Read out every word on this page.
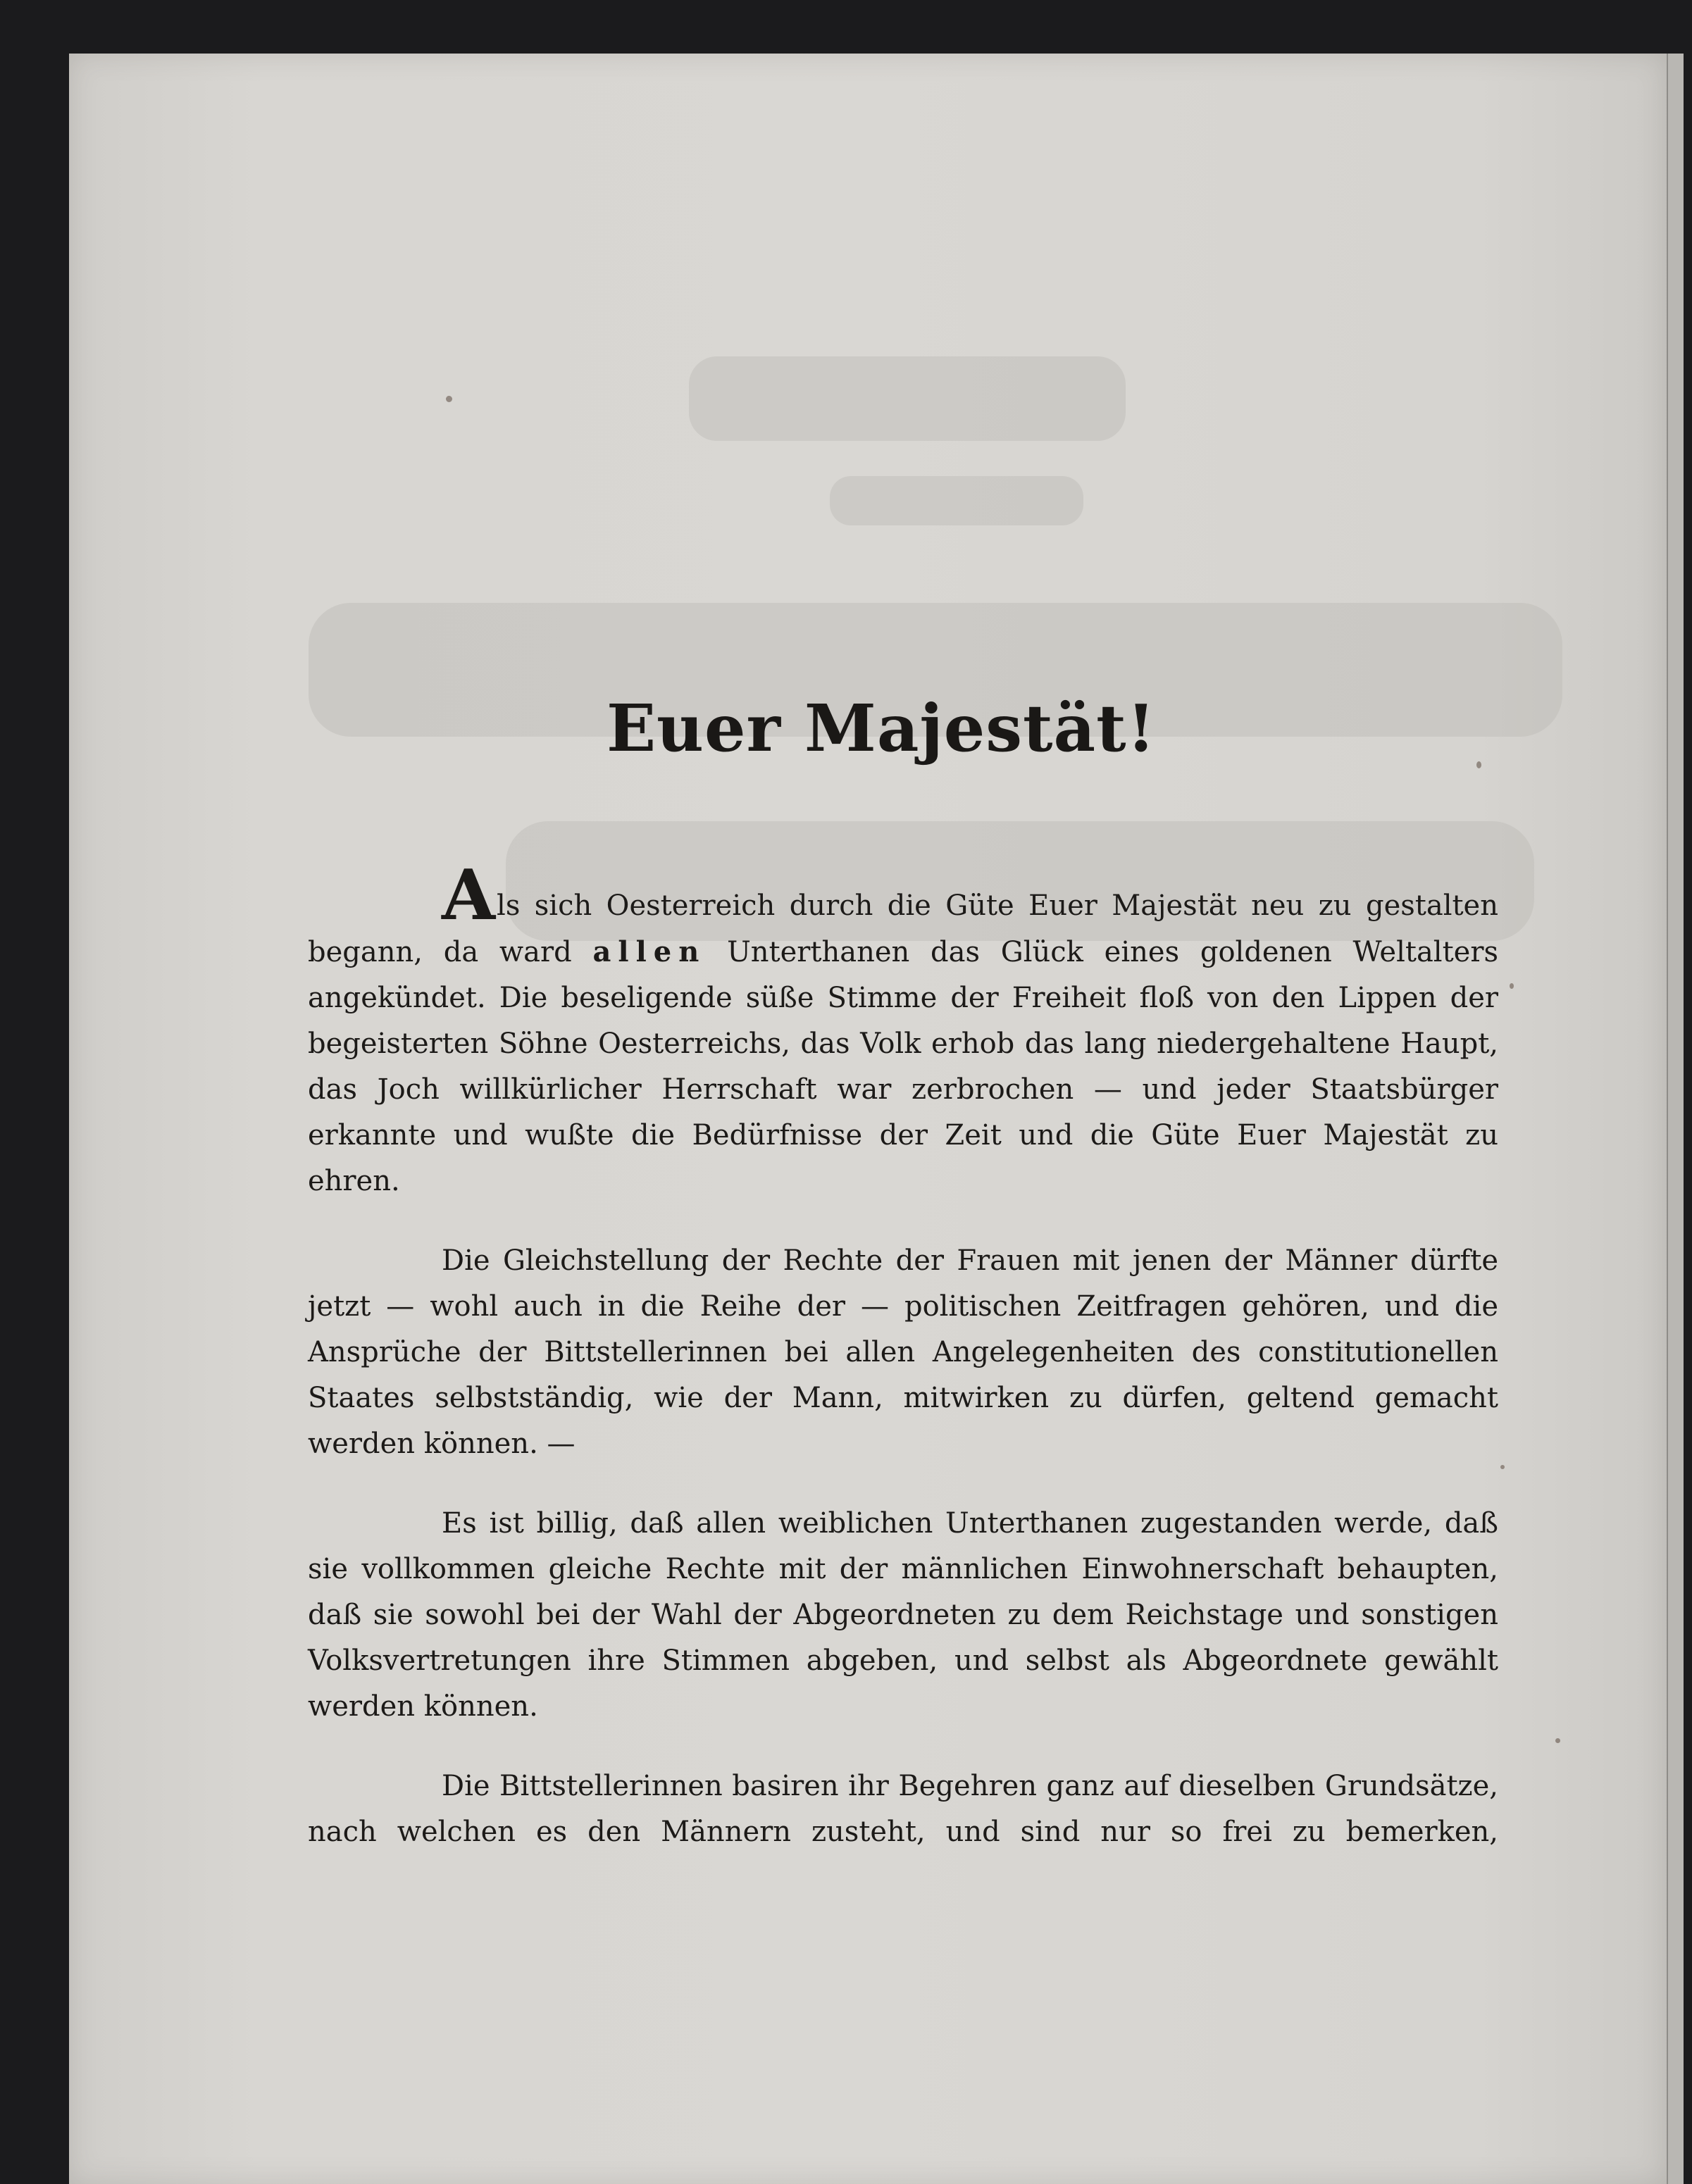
Euer Majestät!

Als sich Oesterreich durch die Güte Euer Majestät neu zu gestalten begann, da ward allen Unterthanen das Glück eines goldenen Weltalters angekündet. Die beseligende süße Stimme der Freiheit floß von den Lippen der begeisterten Söhne Oesterreichs, das Volk erhob das lang niedergehaltene Haupt, das Joch willkürlicher Herrschaft war zerbrochen — und jeder Staatsbürger erkannte und wußte die Bedürfnisse der Zeit und die Güte Euer Majestät zu ehren.

Die Gleichstellung der Rechte der Frauen mit jenen der Männer dürfte jetzt — wohl auch in die Reihe der — politischen Zeitfragen gehören, und die Ansprüche der Bittstellerinnen bei allen Angelegenheiten des constitutionellen Staates selbstständig, wie der Mann, mitwirken zu dürfen, geltend gemacht werden können. —

Es ist billig, daß allen weiblichen Unterthanen zugestanden werde, daß sie vollkommen gleiche Rechte mit der männlichen Einwohnerschaft behaupten, daß sie sowohl bei der Wahl der Abgeordneten zu dem Reichstage und sonstigen Volksvertretungen ihre Stimmen abgeben, und selbst als Abgeordnete gewählt werden können.

Die Bittstellerinnen basiren ihr Begehren ganz auf dieselben Grundsätze, nach welchen es den Männern zusteht, und sind nur so frei zu bemerken,
